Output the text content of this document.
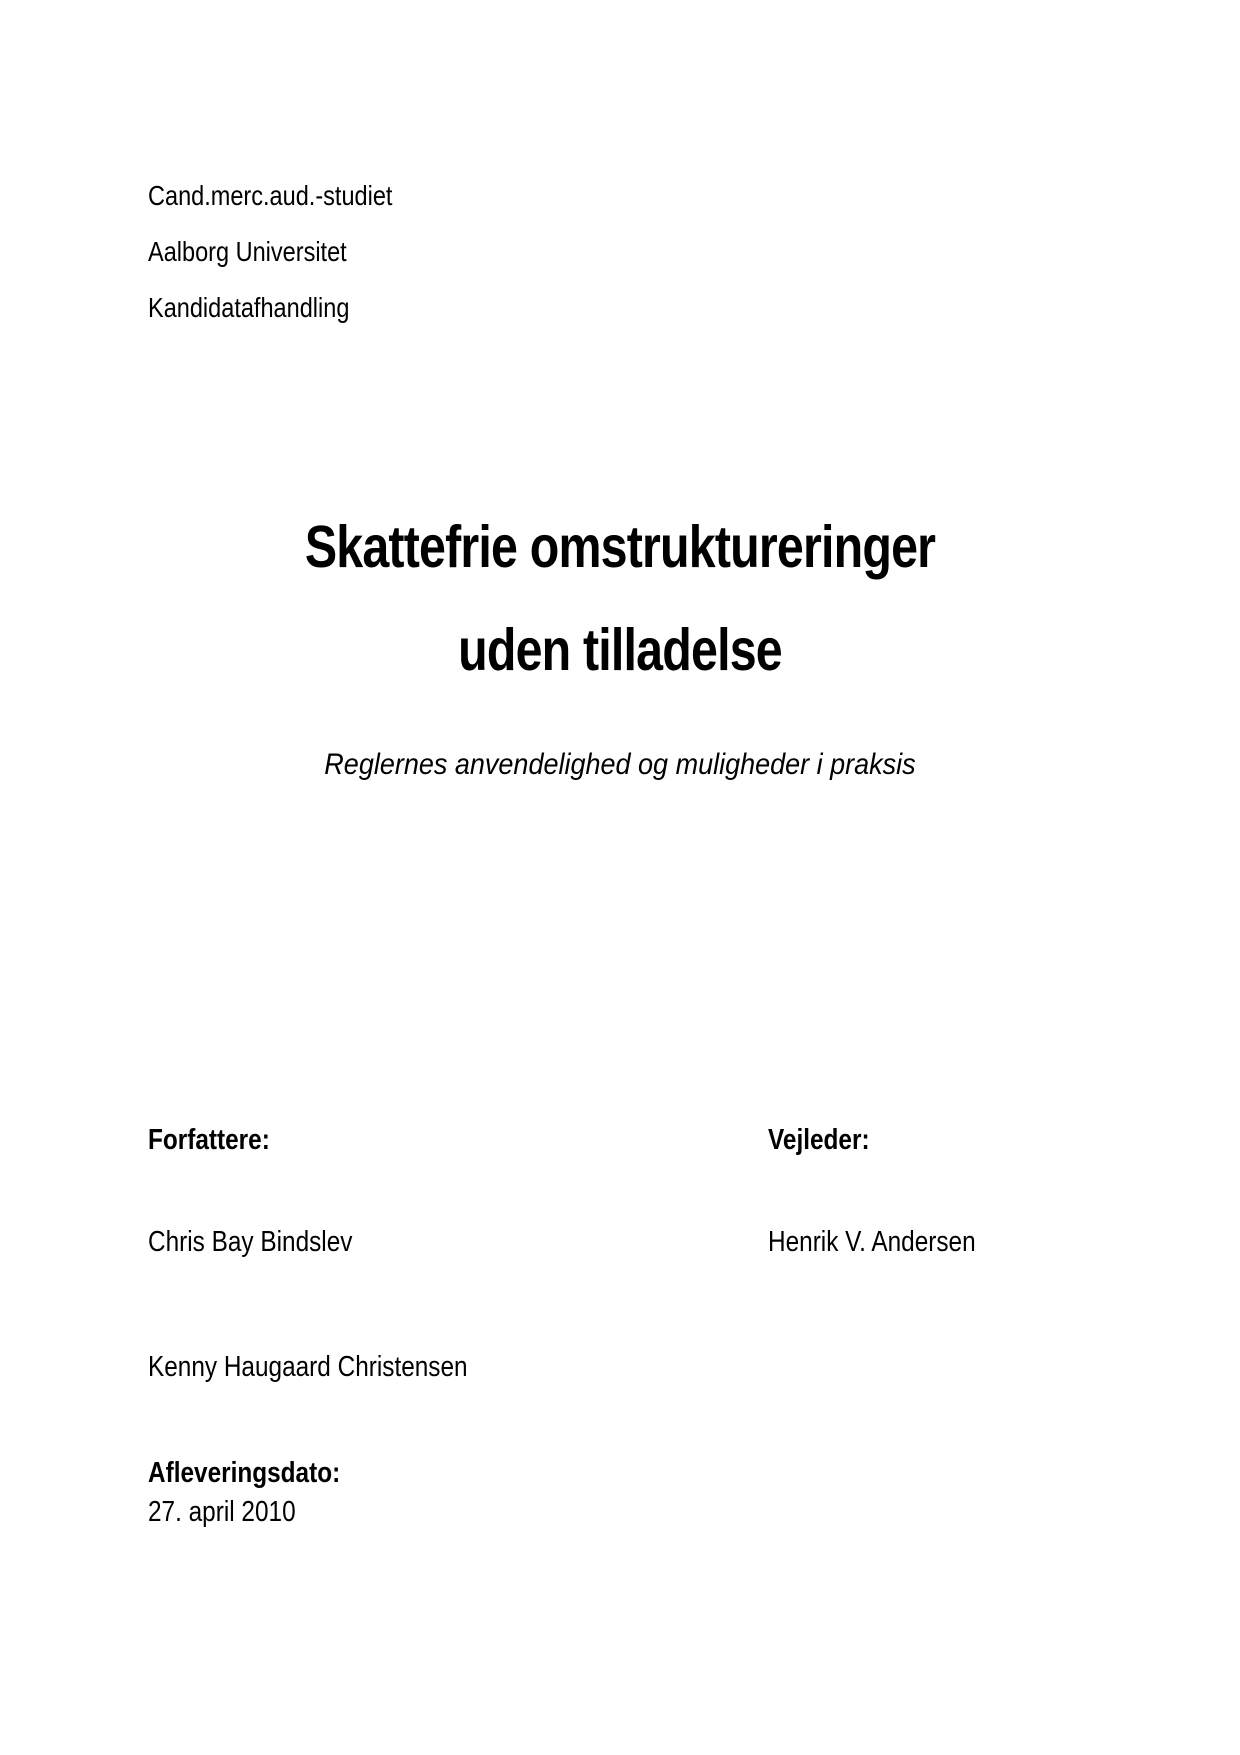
Cand.merc.aud.-studiet
Aalborg Universitet
Kandidatafhandling
Skattefrie omstruktureringer
uden tilladelse

Reglernes anvendelighed og muligheder i praksis

Forfattere:	Vejleder:
Chris Bay Bindslev	Henrik V. Andersen
Kenny Haugaard Christensen
Afleveringsdato:
27. april 2010
